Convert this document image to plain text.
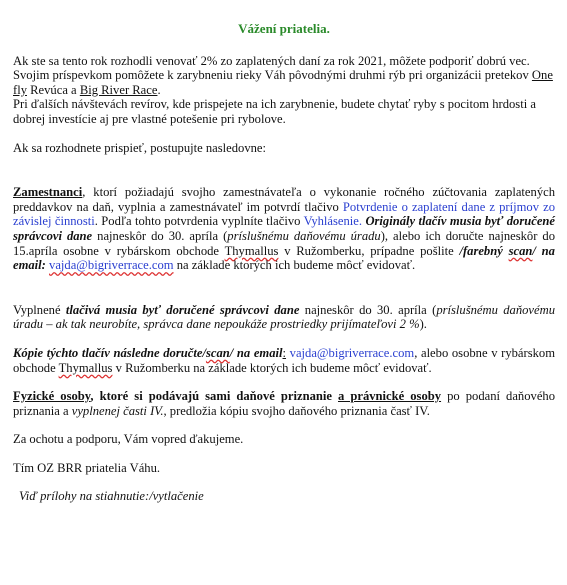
Vážení priatelia.

Ak ste sa tento rok rozhodli venovať 2% zo zaplatených daní za rok 2021, môžete podporiť dobrú vec.
Svojim príspevkom pomôžete k zarybneniu rieky Váh pôvodnými druhmi rýb pri organizácii pretekov One fly Revúca a Big River Race.
Pri ďalších návštevách revírov, kde prispejete na ich zarybnenie, budete chytať ryby s pocitom hrdosti a dobrej investície aj pre vlastné potešenie pri rybolove.

Ak sa rozhodnete prispieť, postupujte nasledovne:

Zamestnanci, ktorí požiadajú svojho zamestnávateľa o vykonanie ročného zúčtovania zaplatených preddavkov na daň, vyplnia a zamestnávateľ im potvrdí tlačivo Potvrdenie o zaplatení dane z príjmov zo závislej činnosti. Podľa tohto potvrdenia vyplníte tlačivo Vyhlásenie. Originály tlačív musia byť doručené správcovi dane najneskôr do 30. apríla (príslušnému daňovému úradu), alebo ich doručte najneskôr do 15.apríla osobne v rybárskom obchode Thymallus v Ružomberku, prípadne pošlite /farebný scan/ na email: vajda@bigriverrace.com na základe ktorých ich budeme môcť evidovať.

Vyplnené tlačivá musia byť doručené správcovi dane najneskôr do 30. apríla (príslušnému daňovému úradu – ak tak neurobíte, správca dane nepoukáže prostriedky prijímateľovi 2 %).

Kópie týchto tlačív následne doručte/scan/ na email: vajda@bigriverrace.com, alebo osobne v rybárskom obchode Thymallus v Ružomberku na základe ktorých ich budeme môcť evidovať.

Fyzické osoby, ktoré si podávajú sami daňové priznanie a právnické osoby po podaní daňového priznania a vyplnenej časti IV., predložia kópiu svojho daňového priznania časť IV.

Za ochotu a podporu, Vám vopred ďakujeme.

Tím OZ BRR priatelia Váhu.

Viď prílohy na stiahnutie:/vytlačenie
